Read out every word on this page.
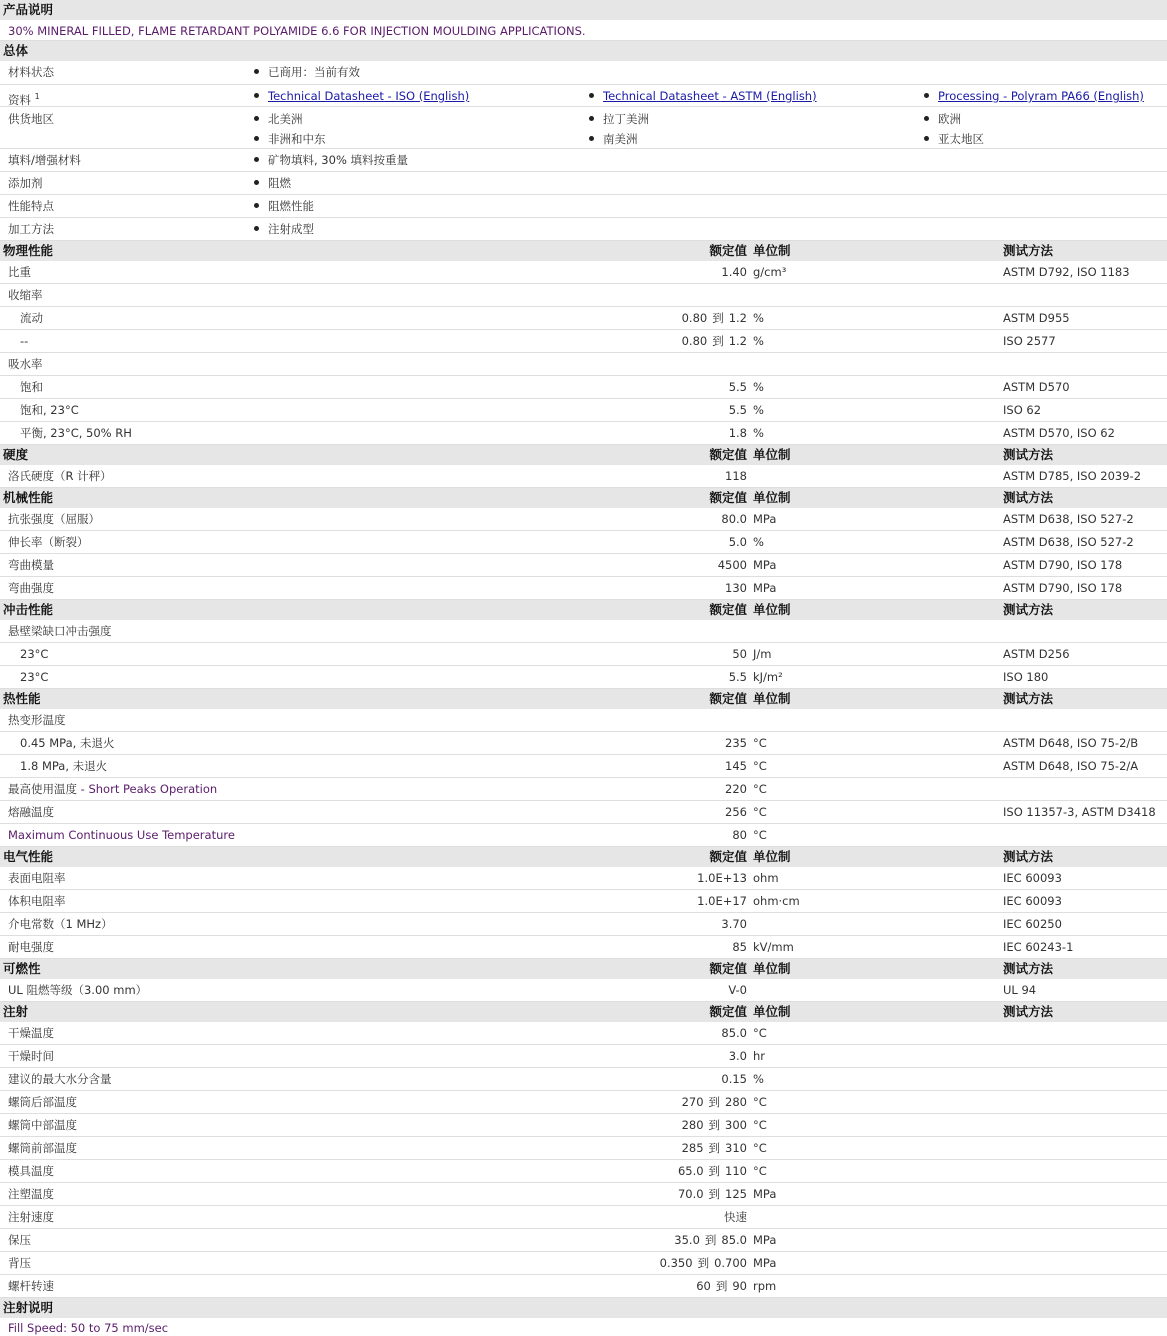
产品说明
30% MINERAL FILLED, FLAME RETARDANT POLYAMIDE 6.6 FOR INJECTION MOULDING APPLICATIONS.
总体
材料状态	已商用：当前有效
资料 $^1$	Technical Datasheet - ISO (English)	Technical Datasheet - ASTM (English)	Processing - Polyram PA66 (English)
供货地区	北美洲	拉丁美洲	欧洲
非洲和中东	南美洲	亚太地区
填料/增强材料	矿物填料, 30% 填料按重量
添加剂	阻燃
性能特点	阻燃性能
加工方法	注射成型
物理性能	额定值 单位制	测试方法
比重	1.40 g/cm³	ASTM D792, ISO 1183
收缩率
流动	0.80 到 1.2 %	ASTM D955
--	0.80 到 1.2 %	ISO 2577
吸水率
饱和	5.5 %	ASTM D570
饱和, 23°C	5.5 %	ISO 62
平衡, 23°C, 50% RH	1.8 %	ASTM D570, ISO 62
硬度	额定值 单位制	测试方法
洛氏硬度（R 计秤）	118	ASTM D785, ISO 2039-2
机械性能	额定值 单位制	测试方法
抗张强度（屈服）	80.0 MPa	ASTM D638, ISO 527-2
伸长率（断裂）	5.0 %	ASTM D638, ISO 527-2
弯曲模量	4500 MPa	ASTM D790, ISO 178
弯曲强度	130 MPa	ASTM D790, ISO 178
冲击性能	额定值 单位制	测试方法
悬壁梁缺口冲击强度
23°C	50 J/m	ASTM D256
23°C	5.5 kJ/m²	ISO 180
热性能	额定值 单位制	测试方法
热变形温度
0.45 MPa, 未退火	235 °C	ASTM D648, ISO 75-2/B
1.8 MPa, 未退火	145 °C	ASTM D648, ISO 75-2/A
最高使用温度 - Short Peaks Operation	220 °C
熔融温度	256 °C	ISO 11357-3, ASTM D3418
Maximum Continuous Use Temperature	80 °C
电气性能	额定值 单位制	测试方法
表面电阻率	1.0E+13 ohm	IEC 60093
体积电阻率	1.0E+17 ohm·cm	IEC 60093
介电常数（1 MHz）	3.70	IEC 60250
耐电强度	85 kV/mm	IEC 60243-1
可燃性	额定值 单位制	测试方法
UL 阻燃等级（3.00 mm）	V-0	UL 94
注射	额定值 单位制	测试方法
干燥温度	85.0 °C
干燥时间	3.0 hr
建议的最大水分含量	0.15 %
螺筒后部温度	270 到 280 °C
螺筒中部温度	280 到 300 °C
螺筒前部温度	285 到 310 °C
模具温度	65.0 到 110 °C
注塑温度	70.0 到 125 MPa
注射速度	快速
保压	35.0 到 85.0 MPa
背压	0.350 到 0.700 MPa
螺杆转速	60 到 90 rpm
注射说明
Fill Speed: 50 to 75 mm/sec
